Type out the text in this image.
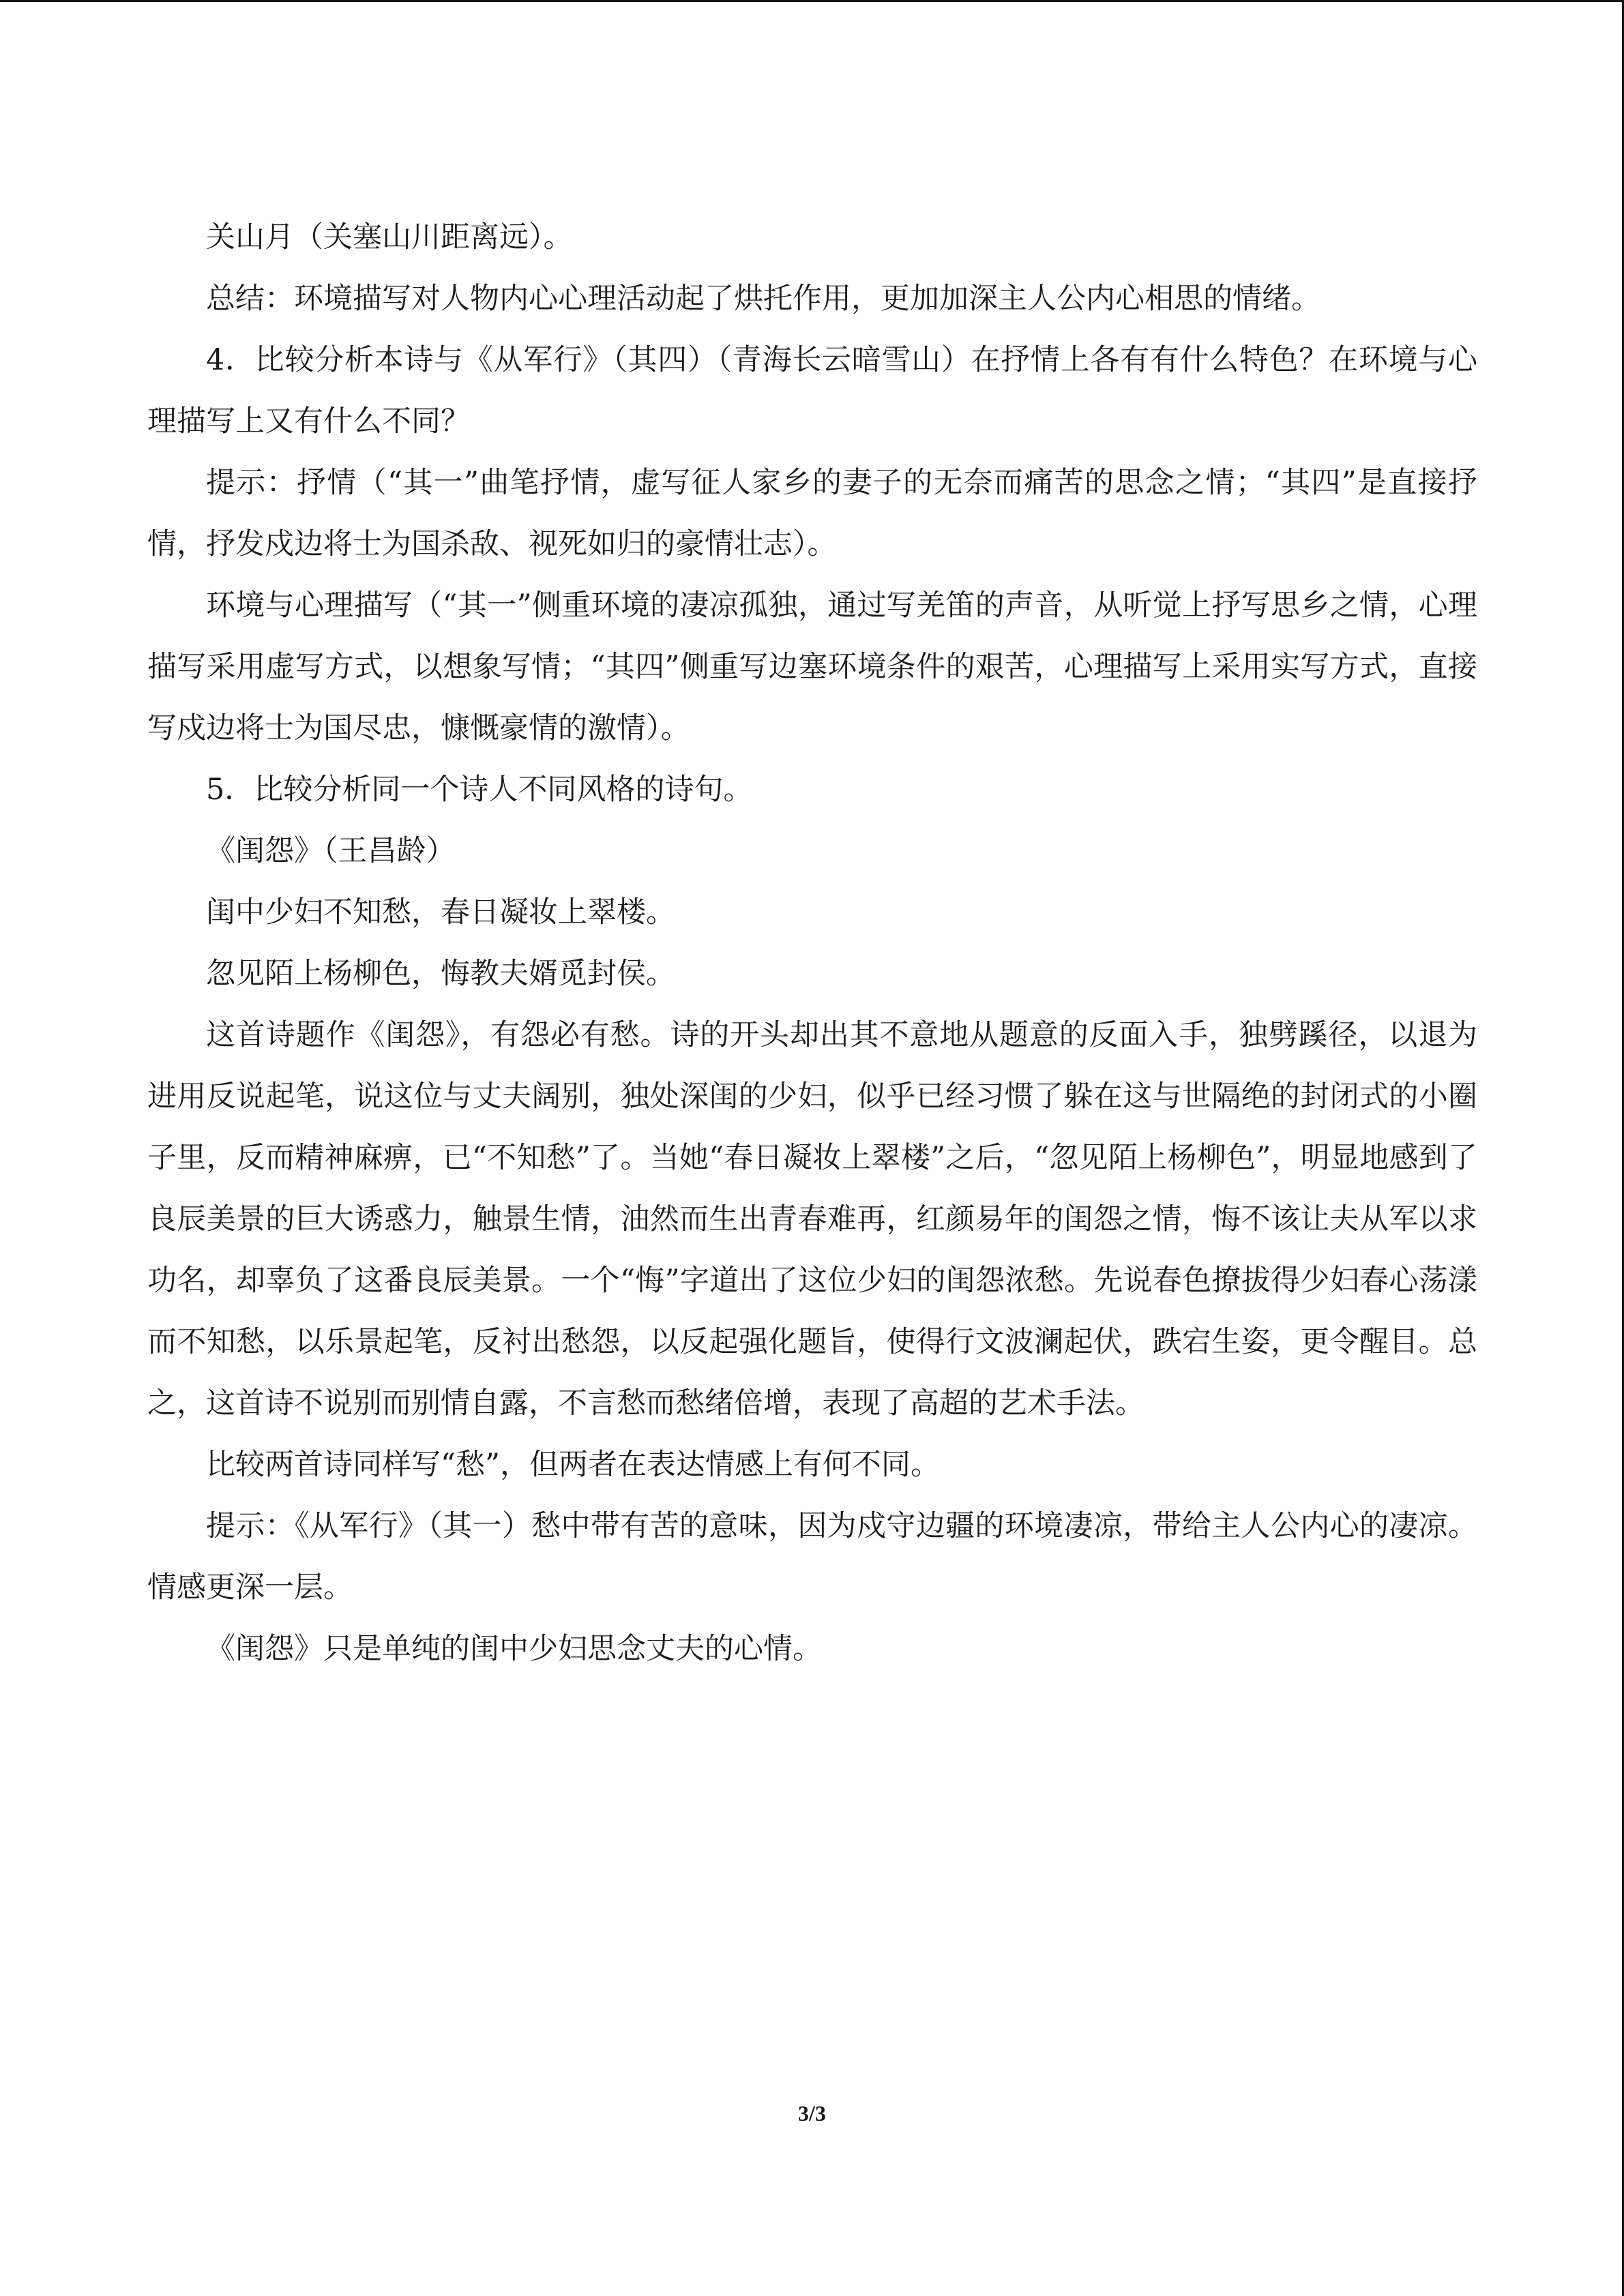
关山月（关塞山川距离远）。

总结：环境描写对人物内心心理活动起了烘托作用，更加加深主人公内心相思的情绪。

4．比较分析本诗与《从军行》（其四）（青海长云暗雪山）在抒情上各有有什么特色？在环境与心理描写上又有什么不同？

提示：抒情（“其一”曲笔抒情，虚写征人家乡的妻子的无奈而痛苦的思念之情；“其四”是直接抒情，抒发戍边将士为国杀敌、视死如归的豪情壮志）。

环境与心理描写（“其一”侧重环境的凄凉孤独，通过写羌笛的声音，从听觉上抒写思乡之情，心理描写采用虚写方式，以想象写情；“其四”侧重写边塞环境条件的艰苦，心理描写上采用实写方式，直接写戍边将士为国尽忠，慷慨豪情的激情）。

5．比较分析同一个诗人不同风格的诗句。

《闺怨》（王昌龄）

闺中少妇不知愁，春日凝妆上翠楼。

忽见陌上杨柳色，悔教夫婿觅封侯。

这首诗题作《闺怨》，有怨必有愁。诗的开头却出其不意地从题意的反面入手，独劈蹊径，以退为进用反说起笔，说这位与丈夫阔别，独处深闺的少妇，似乎已经习惯了躲在这与世隔绝的封闭式的小圈子里，反而精神麻痹，已“不知愁”了。当她“春日凝妆上翠楼”之后，“忽见陌上杨柳色”，明显地感到了良辰美景的巨大诱惑力，触景生情，油然而生出青春难再，红颜易年的闺怨之情，悔不该让夫从军以求功名，却辜负了这番良辰美景。一个“悔”字道出了这位少妇的闺怨浓愁。先说春色撩拔得少妇春心荡漾而不知愁，以乐景起笔，反衬出愁怨，以反起强化题旨，使得行文波澜起伏，跌宕生姿，更令醒目。总之，这首诗不说别而别情自露，不言愁而愁绪倍增，表现了高超的艺术手法。

比较两首诗同样写“愁”，但两者在表达情感上有何不同。

提示：《从军行》（其一）愁中带有苦的意味，因为戍守边疆的环境凄凉，带给主人公内心的凄凉。情感更深一层。

《闺怨》只是单纯的闺中少妇思念丈夫的心情。

3/3
